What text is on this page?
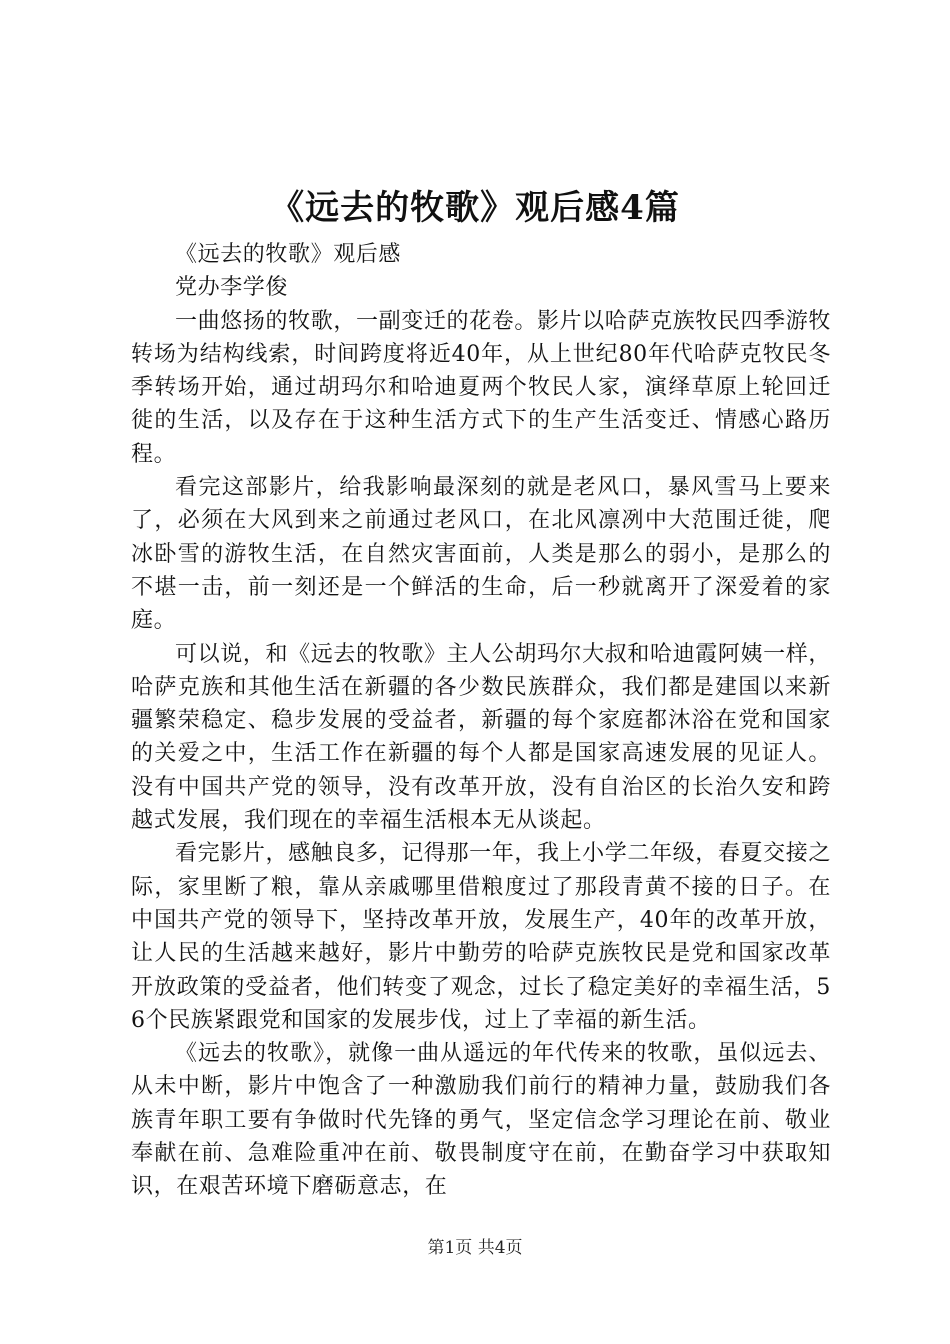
《远去的牧歌》观后感4篇

《远去的牧歌》观后感

党办李学俊

一曲悠扬的牧歌，一副变迁的花卷。影片以哈萨克族牧民四季游牧转场为结构线索，时间跨度将近40年，从上世纪80年代哈萨克牧民冬季转场开始，通过胡玛尔和哈迪夏两个牧民人家，演绎草原上轮回迁徙的生活，以及存在于这种生活方式下的生产生活变迁、情感心路历程。

看完这部影片，给我影响最深刻的就是老风口，暴风雪马上要来了，必须在大风到来之前通过老风口，在北风凛冽中大范围迁徙，爬冰卧雪的游牧生活，在自然灾害面前，人类是那么的弱小，是那么的不堪一击，前一刻还是一个鲜活的生命，后一秒就离开了深爱着的家庭。

可以说，和《远去的牧歌》主人公胡玛尔大叔和哈迪霞阿姨一样，哈萨克族和其他生活在新疆的各少数民族群众，我们都是建国以来新疆繁荣稳定、稳步发展的受益者，新疆的每个家庭都沐浴在党和国家的关爱之中，生活工作在新疆的每个人都是国家高速发展的见证人。没有中国共产党的领导，没有改革开放，没有自治区的长治久安和跨越式发展，我们现在的幸福生活根本无从谈起。

看完影片，感触良多，记得那一年，我上小学二年级，春夏交接之际，家里断了粮，靠从亲戚哪里借粮度过了那段青黄不接的日子。在中国共产党的领导下，坚持改革开放，发展生产，40年的改革开放，让人民的生活越来越好，影片中勤劳的哈萨克族牧民是党和国家改革开放政策的受益者，他们转变了观念，过长了稳定美好的幸福生活，56个民族紧跟党和国家的发展步伐，过上了幸福的新生活。

《远去的牧歌》，就像一曲从遥远的年代传来的牧歌，虽似远去、从未中断，影片中饱含了一种激励我们前行的精神力量，鼓励我们各族青年职工要有争做时代先锋的勇气，坚定信念学习理论在前、敬业奉献在前、急难险重冲在前、敬畏制度守在前，在勤奋学习中获取知识，在艰苦环境下磨砺意志，在

第1页 共4页
